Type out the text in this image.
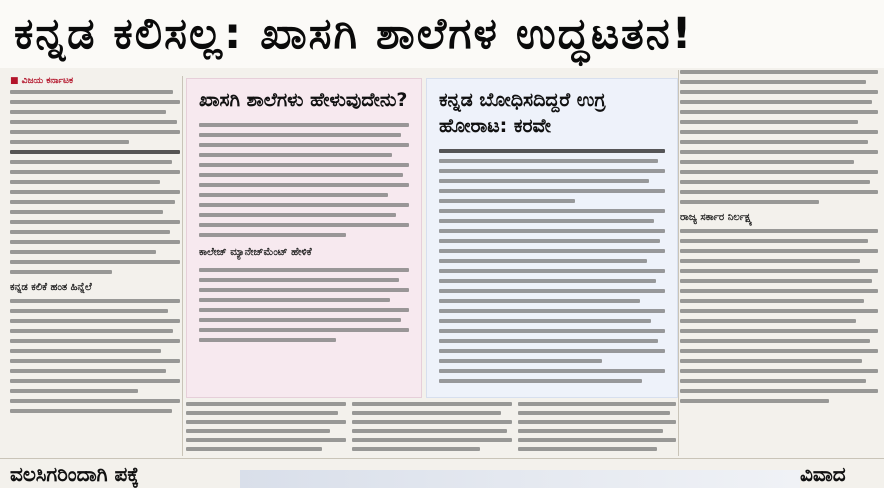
ಕನ್ನಡ ಕಲಿಸಲ್ಲ: ಖಾಸಗಿ ಶಾಲೆಗಳ ಉದ್ಧಟತನ!
■ ವಿಜಯ ಕರ್ನಾಟಕ
ಕನ್ನಡ ಕಲಿಕೆ ಹಂತ ಹಿನ್ನೆಲೆ
ಖಾಸಗಿ ಶಾಲೆಗಳು ಹೇಳುವುದೇನು?
ಕಾಲೇಜ್ ಮ್ಯಾನೇಜ್‌ಮೆಂಟ್ ಹೇಳಿಕೆ
ಕನ್ನಡ ಬೋಧಿಸದಿದ್ದರೆ ಉಗ್ರ ಹೋರಾಟ: ಕರವೇ
ರಾಜ್ಯ ಸರ್ಕಾರ ನಿರ್ಲಕ್ಷ್ಯ
ವಲಸಿಗರಿಂದಾಗಿ ಪಕ್ಕೆ	ವಿವಾದ
